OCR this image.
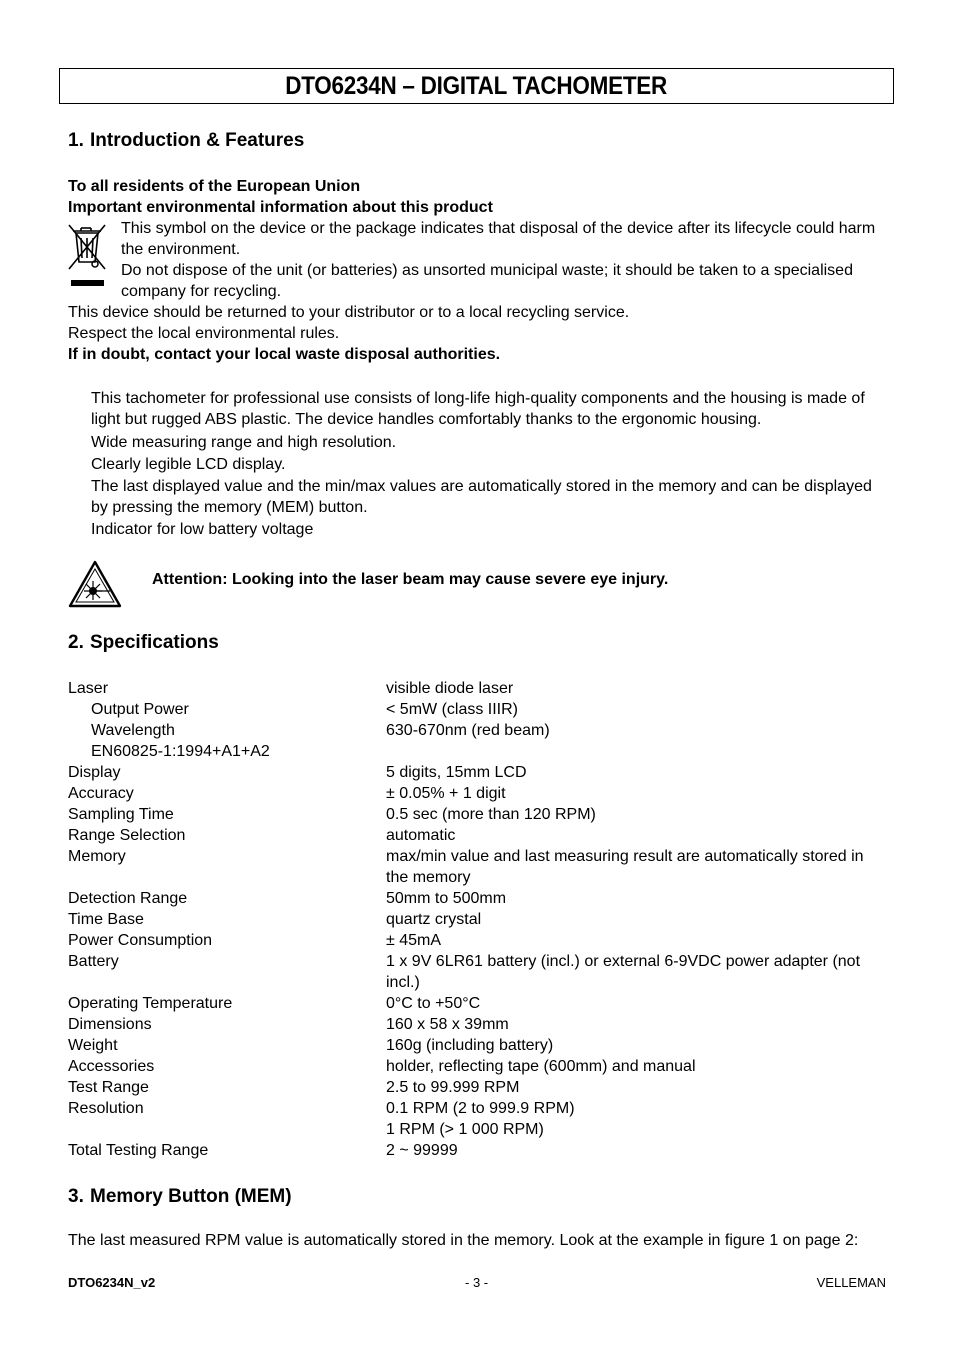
DTO6234N – DIGITAL TACHOMETER
1. Introduction & Features
To all residents of the European Union
Important environmental information about this product
This symbol on the device or the package indicates that disposal of the device after its lifecycle could harm the environment.
Do not dispose of the unit (or batteries) as unsorted municipal waste; it should be taken to a specialised company for recycling.
This device should be returned to your distributor or to a local recycling service.
Respect the local environmental rules.
If in doubt, contact your local waste disposal authorities.
This tachometer for professional use consists of long-life high-quality components and the housing is made of light but rugged ABS plastic. The device handles comfortably thanks to the ergonomic housing.
Wide measuring range and high resolution.
Clearly legible LCD display.
The last displayed value and the min/max values are automatically stored in the memory and can be displayed by pressing the memory (MEM) button.
Indicator for low battery voltage
Attention: Looking into the laser beam may cause severe eye injury.
2. Specifications
Laser	visible diode laser
Output Power	< 5mW (class IIIR)
Wavelength	630-670nm (red beam)
EN60825-1:1994+A1+A2
Display	5 digits, 15mm LCD
Accuracy	± 0.05% + 1 digit
Sampling Time	0.5 sec (more than 120 RPM)
Range Selection	automatic
Memory	max/min value and last measuring result are automatically stored in the memory
Detection Range	50mm to 500mm
Time Base	quartz crystal
Power Consumption	± 45mA
Battery	1 x 9V 6LR61 battery (incl.) or external 6-9VDC power adapter (not incl.)
Operating Temperature	0°C to +50°C
Dimensions	160 x 58 x 39mm
Weight	160g (including battery)
Accessories	holder, reflecting tape (600mm) and manual
Test Range	2.5 to 99.999 RPM
Resolution	0.1 RPM (2 to 999.9 RPM)
1 RPM (> 1 000 RPM)
Total Testing Range	2 ~ 99999
3. Memory Button (MEM)
The last measured RPM value is automatically stored in the memory. Look at the example in figure 1 on page 2:
DTO6234N_v2	- 3 -	VELLEMAN
